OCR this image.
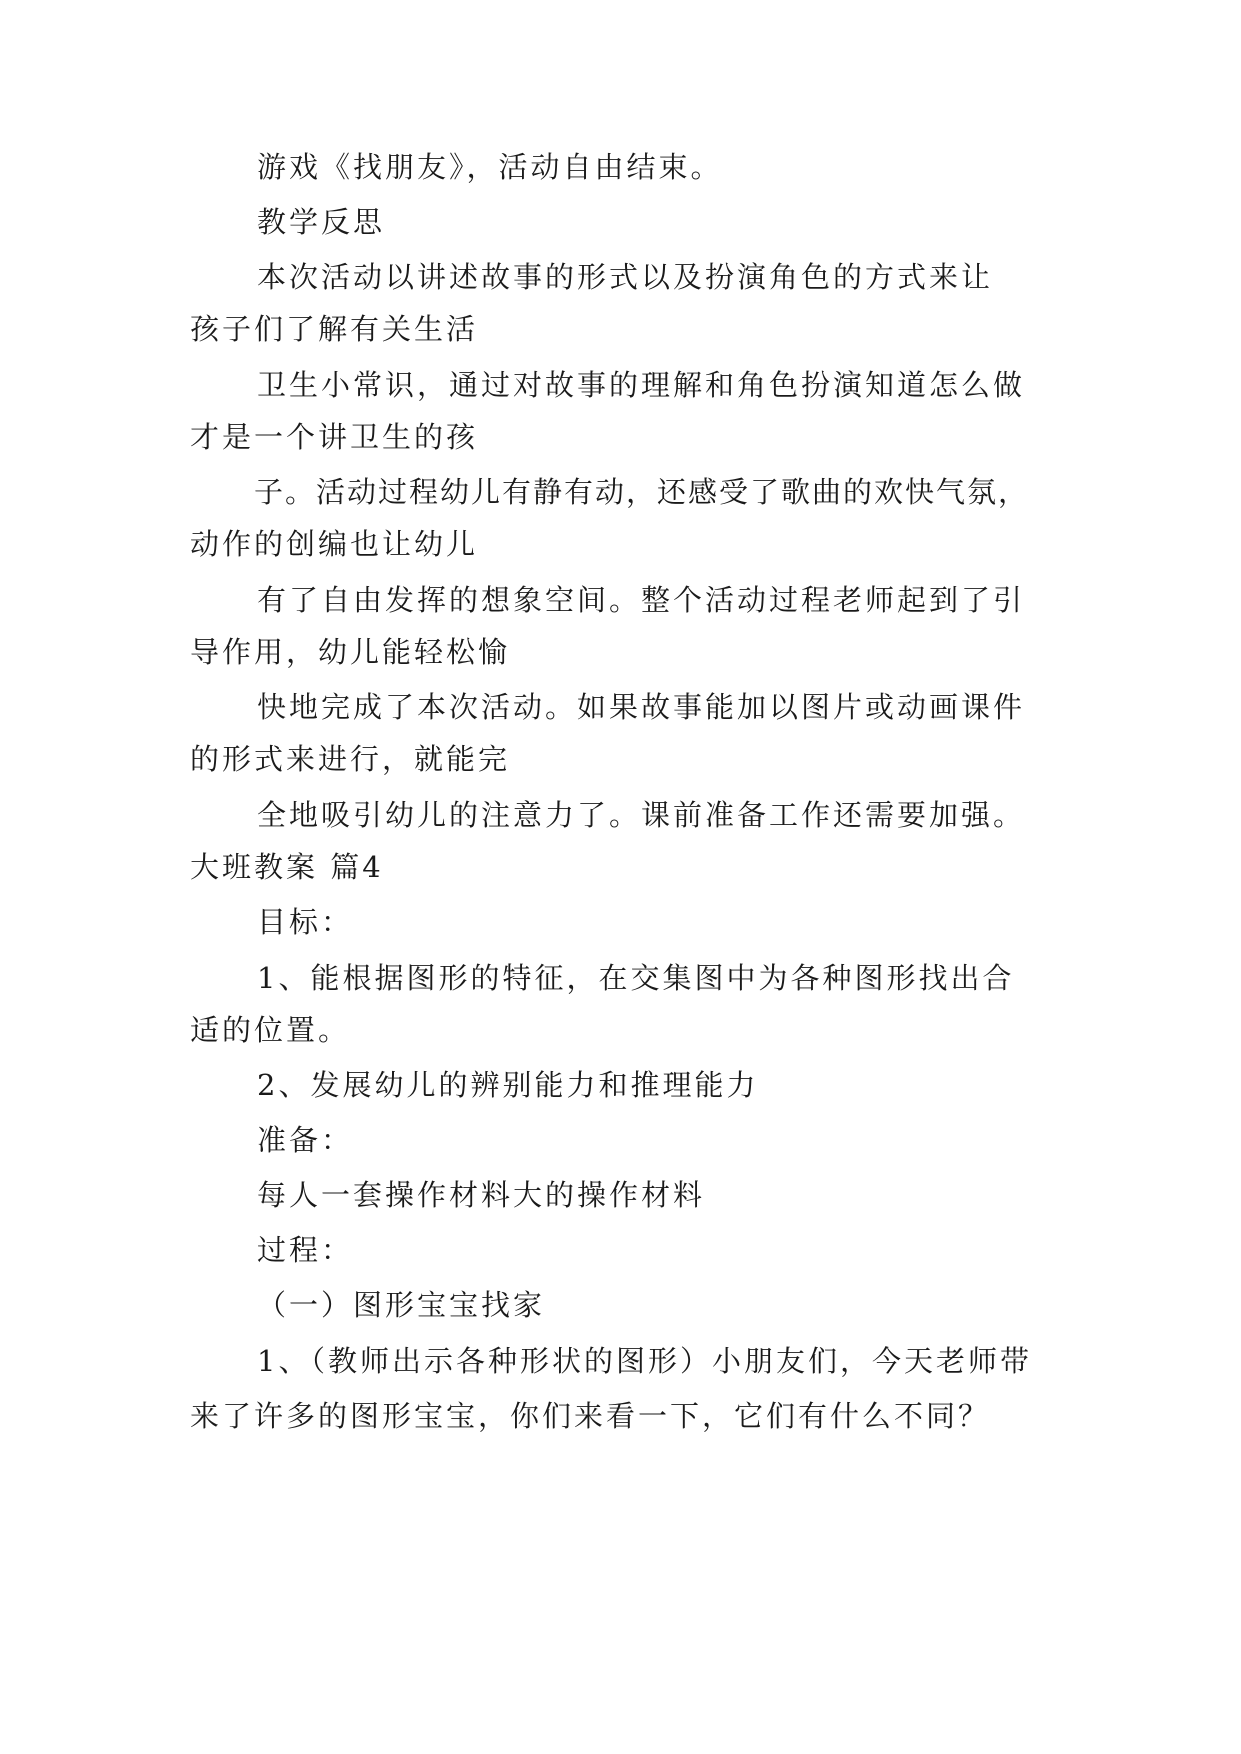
游戏《找朋友》，活动自由结束。
教学反思
本次活动以讲述故事的形式以及扮演角色的方式来让
孩子们了解有关生活
卫生小常识，通过对故事的理解和角色扮演知道怎么做
才是一个讲卫生的孩
子。活动过程幼儿有静有动，还感受了歌曲的欢快气氛，
动作的创编也让幼儿
有了自由发挥的想象空间。整个活动过程老师起到了引
导作用，幼儿能轻松愉
快地完成了本次活动。如果故事能加以图片或动画课件
的形式来进行，就能完
全地吸引幼儿的注意力了。课前准备工作还需要加强。
大班教案 篇4
目标：
1、能根据图形的特征，在交集图中为各种图形找出合
适的位置。
2、发展幼儿的辨别能力和推理能力
准备：
每人一套操作材料大的操作材料
过程：
（一）图形宝宝找家
1、（教师出示各种形状的图形）小朋友们，今天老师带
来了许多的图形宝宝，你们来看一下，它们有什么不同？
